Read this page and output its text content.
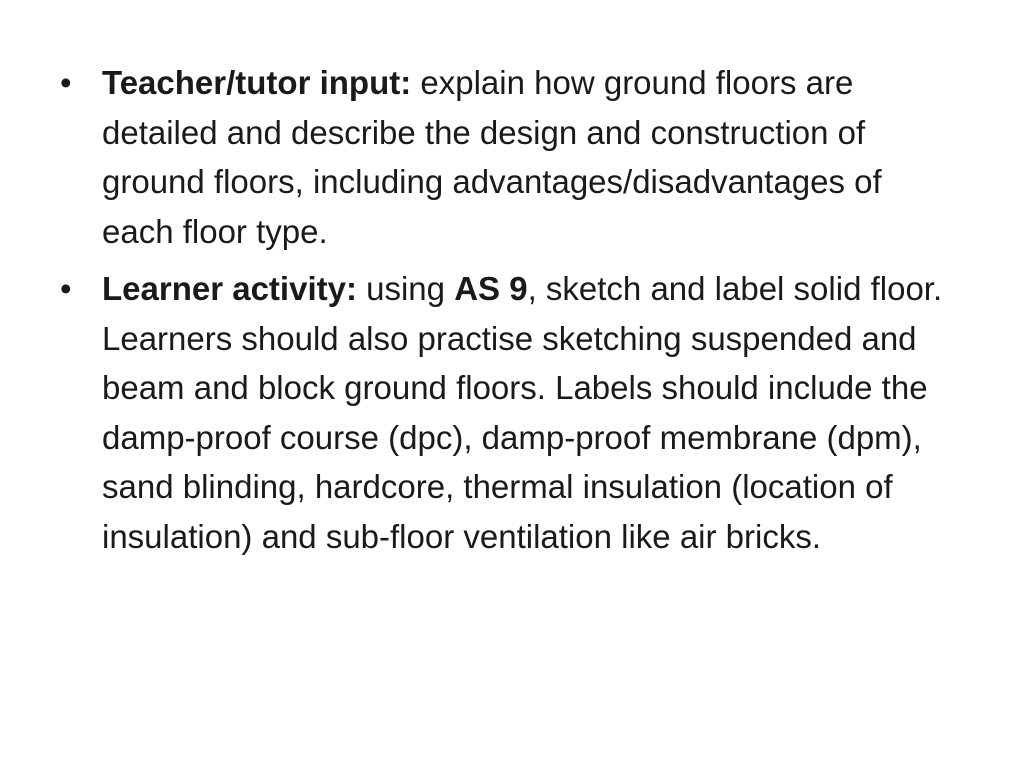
• Teacher/tutor input: explain how ground floors are detailed and describe the design and construction of ground floors, including advantages/disadvantages of each floor type.
• Learner activity: using AS 9, sketch and label solid floor. Learners should also practise sketching suspended and beam and block ground floors. Labels should include the damp-proof course (dpc), damp-proof membrane (dpm), sand blinding, hardcore, thermal insulation (location of insulation) and sub-floor ventilation like air bricks.
